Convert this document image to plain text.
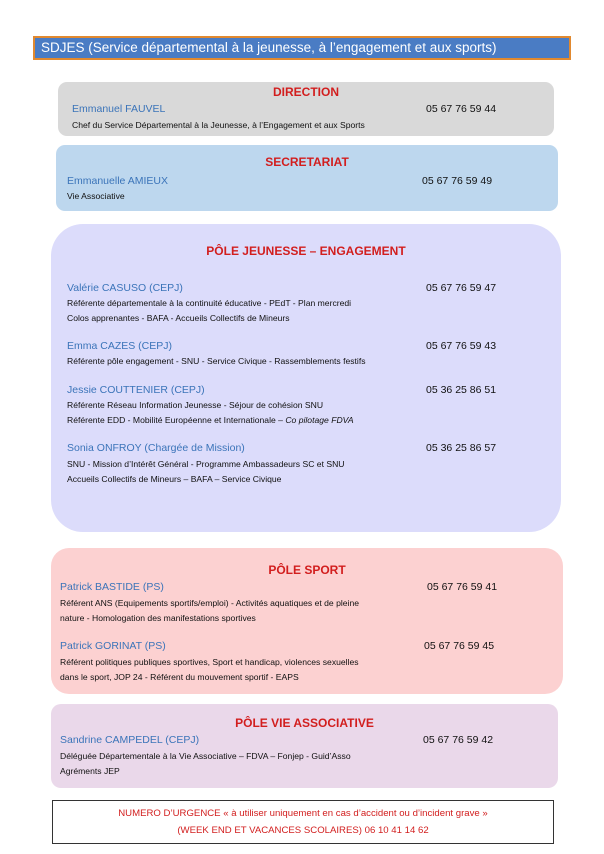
SDJES (Service départemental à la jeunesse, à l’engagement et aux sports)
DIRECTION
Emmanuel FAUVEL	05 67 76 59 44
Chef du Service Départemental à la Jeunesse, à l’Engagement et aux Sports
SECRETARIAT
Emmanuelle AMIEUX	05 67 76 59 49
Vie Associative
PÔLE JEUNESSE – ENGAGEMENT
Valérie CASUSO (CEPJ)	05 67 76 59 47
Référente départementale à la continuité éducative - PEdT - Plan mercredi
Colos apprenantes - BAFA - Accueils Collectifs de Mineurs
Emma CAZES (CEPJ)	05 67 76 59 43
Référente pôle engagement - SNU - Service Civique - Rassemblements festifs
Jessie COUTTENIER (CEPJ)	05 36 25 86 51
Référente Réseau Information Jeunesse - Séjour de cohésion SNU
Référente EDD - Mobilité Européenne et Internationale – Co pilotage FDVA
Sonia ONFROY (Chargée de Mission)	05 36 25 86 57
SNU - Mission d’Intérêt Général - Programme Ambassadeurs SC et SNU
Accueils Collectifs de Mineurs – BAFA – Service Civique
PÔLE SPORT
Patrick BASTIDE (PS)	05 67 76 59 41
Référent ANS (Equipements sportifs/emploi) - Activités aquatiques et de pleine
nature - Homologation des manifestations sportives
Patrick GORINAT (PS)	05 67 76 59 45
Référent politiques publiques sportives, Sport et handicap, violences sexuelles
dans le sport, JOP 24 - Référent du mouvement sportif - EAPS
PÔLE VIE ASSOCIATIVE
Sandrine CAMPEDEL (CEPJ)	05 67 76 59 42
Déléguée Départementale à la Vie Associative – FDVA – Fonjep - Guid’Asso
Agréments JEP
NUMERO D’URGENCE « à utiliser uniquement en cas d’accident ou d’incident grave »
(WEEK END ET VACANCES SCOLAIRES) 06 10 41 14 62
